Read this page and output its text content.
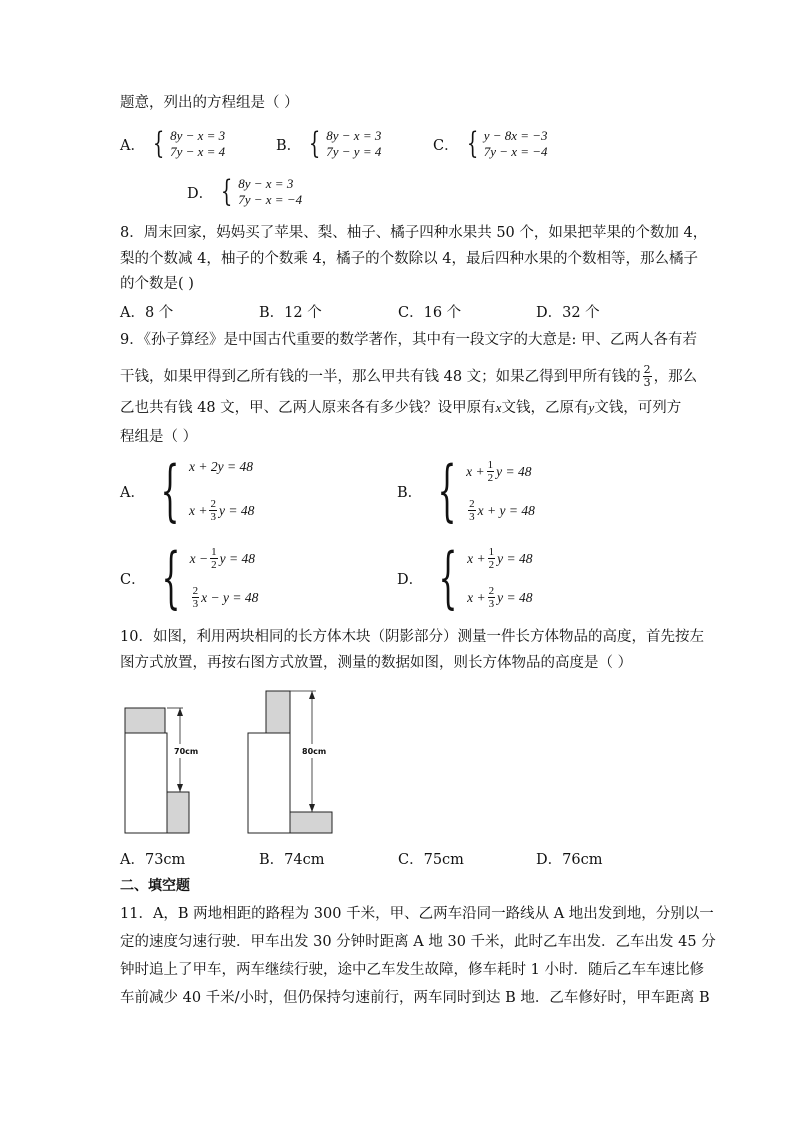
题意，列出的方程组是（ ）
A． { 8y − x = 3
7y − x = 4	B． { 8y − x = 3
7y − y = 4	C． { y − 8x = −3
7y − x = −4
D． { 8y − x = 3
7y − x = −4
8．周末回家，妈妈买了苹果、梨、柚子、橘子四种水果共 50 个，如果把苹果的个数加 4，
梨的个数减 4，柚子的个数乘 4，橘子的个数除以 4，最后四种水果的个数相等，那么橘子
的个数是( )
A．8 个	B．12 个	C．16 个	D．32 个
9．《孙子算经》是中国古代重要的数学著作，其中有一段文字的大意是: 甲、乙两人各有若
干钱，如果甲得到乙所有钱的一半，那么甲共有钱 48 文；如果乙得到甲所有钱的 $\frac{2}{3}$ ，那么
乙也共有钱 48 文，甲、乙两人原来各有多少钱？设甲原有x文钱，乙原有y文钱，可列方
程组是（ ）
A． { x + 2y = 48
$x + \frac{2}{3}$ y = 48
B． { $x + \frac{1}{2}$ y = 48
$\frac{2}{3}$ x + y = 48
C． { $x - \frac{1}{2}$ y = 48
$\frac{2}{3}$ x − y = 48
D． { $x + \frac{1}{2}$ y = 48
$x + \frac{2}{3}$ y = 48
10．如图，利用两块相同的长方体木块（阴影部分）测量一件长方体物品的高度，首先按左
图方式放置，再按右图方式放置，测量的数据如图，则长方体物品的高度是（ ）
70cm	80cm
A．73cm	B．74cm	C．75cm	D．76cm
二、填空题
11．A，B 两地相距的路程为 300 千米，甲、乙两车沿同一路线从 A 地出发到地，分别以一
定的速度匀速行驶．甲车出发 30 分钟时距离 A 地 30 千米，此时乙车出发．乙车出发 45 分
钟时追上了甲车，两车继续行驶，途中乙车发生故障，修车耗时 1 小时．随后乙车车速比修
车前减少 40 千米/小时，但仍保持匀速前行，两车同时到达 B 地．乙车修好时，甲车距离 B
